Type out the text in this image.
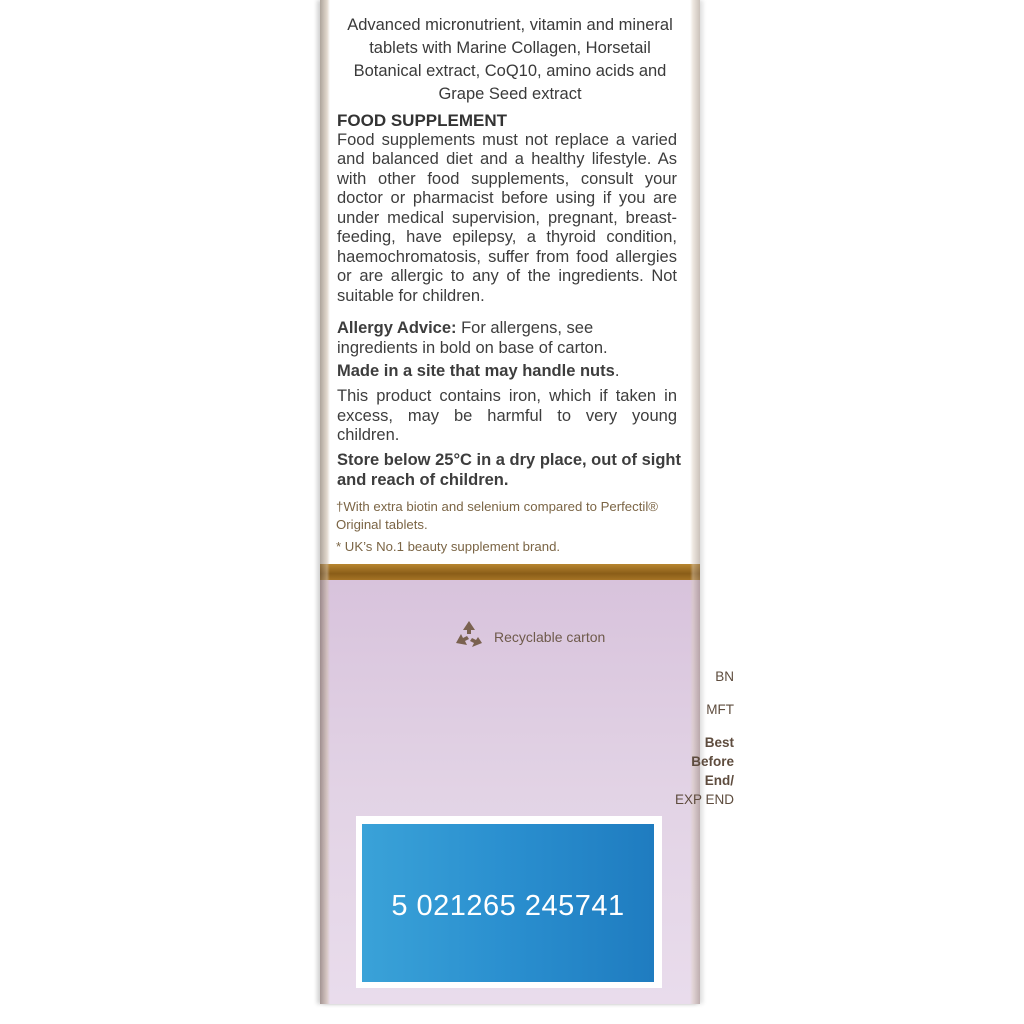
Advanced micronutrient, vitamin and mineral tablets with Marine Collagen, Horsetail Botanical extract, CoQ10, amino acids and Grape Seed extract
FOOD SUPPLEMENT
Food supplements must not replace a varied and balanced diet and a healthy lifestyle. As with other food supplements, consult your doctor or pharmacist before using if you are under medical supervision, pregnant, breast-feeding, have epilepsy, a thyroid condition, haemochromatosis, suffer from food allergies or are allergic to any of the ingredients. Not suitable for children.
Allergy Advice: For allergens, see ingredients in bold on base of carton.
Made in a site that may handle nuts.
This product contains iron, which if taken in excess, may be harmful to very young children.
Store below 25°C in a dry place, out of sight and reach of children.
†With extra biotin and selenium compared to Perfectil® Original tablets.
* UK’s No.1 beauty supplement brand.
Recyclable carton
BN
MFT
Best
Before
End/
EXP END
5 021265 245741
